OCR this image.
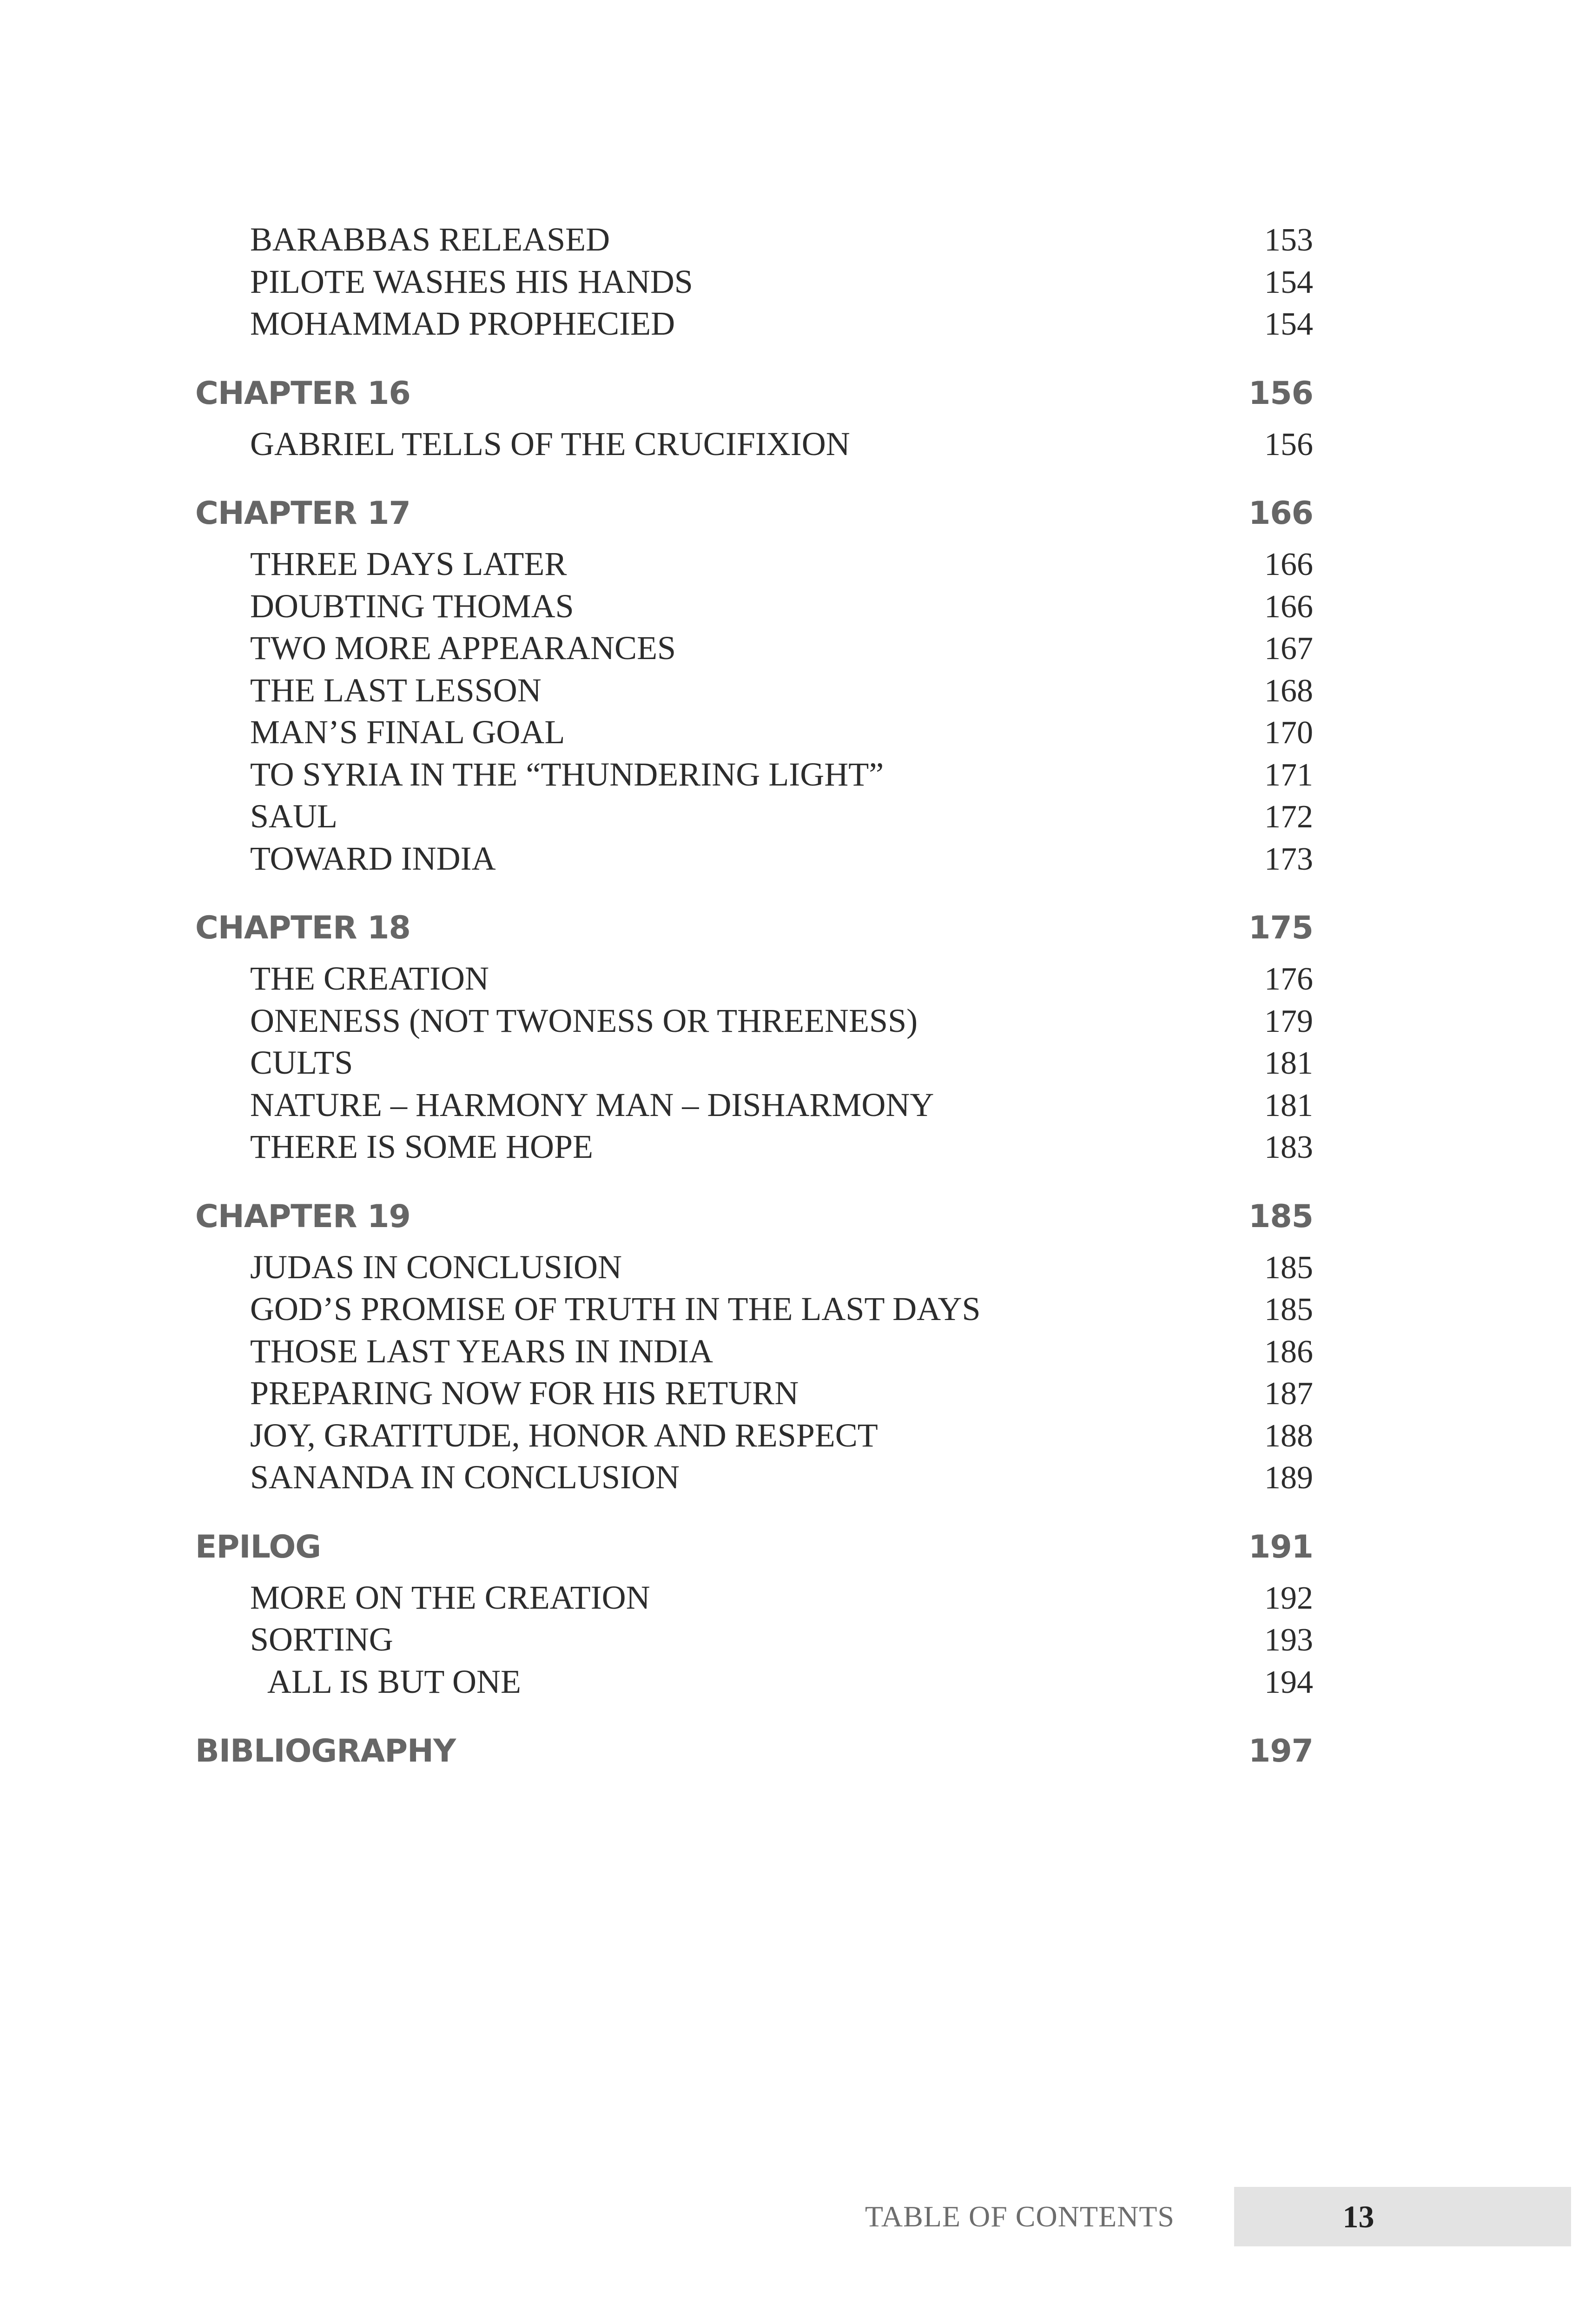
BARABBAS RELEASED	153
PILOTE WASHES HIS HANDS	154
MOHAMMAD PROPHECIED	154
CHAPTER 16	156
GABRIEL TELLS OF THE CRUCIFIXION	156
CHAPTER 17	166
THREE DAYS LATER	166
DOUBTING THOMAS	166
TWO MORE APPEARANCES	167
THE LAST LESSON	168
MAN’S FINAL GOAL	170
TO SYRIA IN THE “THUNDERING LIGHT”	171
SAUL	172
TOWARD INDIA	173
CHAPTER 18	175
THE CREATION	176
ONENESS (NOT TWONESS OR THREENESS)	179
CULTS	181
NATURE – HARMONY MAN – DISHARMONY	181
THERE IS SOME HOPE	183
CHAPTER 19	185
JUDAS IN CONCLUSION	185
GOD’S PROMISE OF TRUTH IN THE LAST DAYS	185
THOSE LAST YEARS IN INDIA	186
PREPARING NOW FOR HIS RETURN	187
JOY, GRATITUDE, HONOR AND RESPECT	188
SANANDA IN CONCLUSION	189
EPILOG	191
MORE ON THE CREATION	192
SORTING	193
ALL IS BUT ONE	194
BIBLIOGRAPHY	197
TABLE OF CONTENTS	13
